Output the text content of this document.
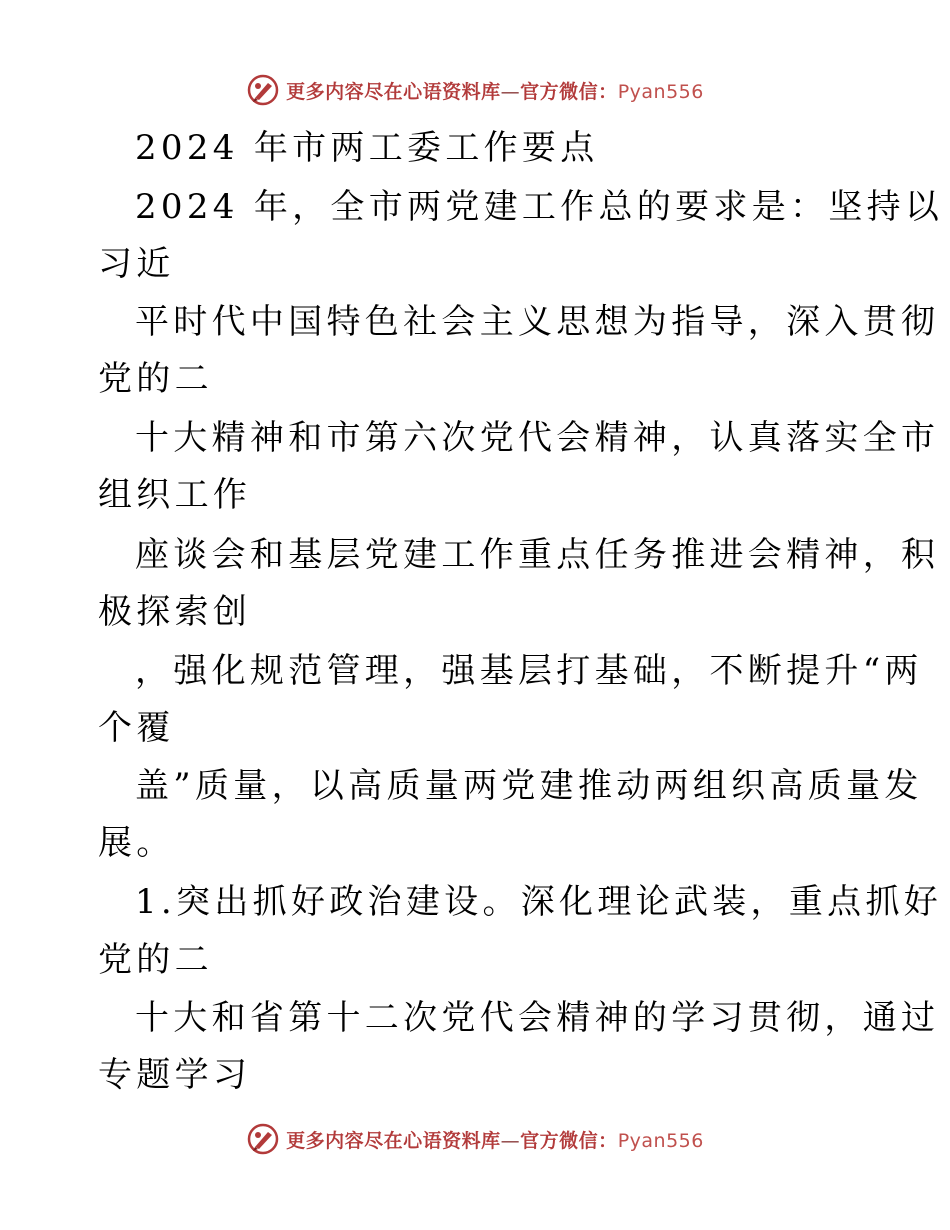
更多内容尽在心语资料库—官方微信：Pyan556
2024 年市两工委工作要点
2024 年，全市两党建工作总的要求是：坚持以
习近
平时代中国特色社会主义思想为指导，深入贯彻
党的二
十大精神和市第六次党代会精神，认真落实全市
组织工作
座谈会和基层党建工作重点任务推进会精神，积
极探索创
，强化规范管理，强基层打基础，不断提升“两
个覆
盖”质量，以高质量两党建推动两组织高质量发
展。
1.突出抓好政治建设。深化理论武装，重点抓好
党的二
十大和省第十二次党代会精神的学习贯彻，通过
专题学习
更多内容尽在心语资料库—官方微信：Pyan556
